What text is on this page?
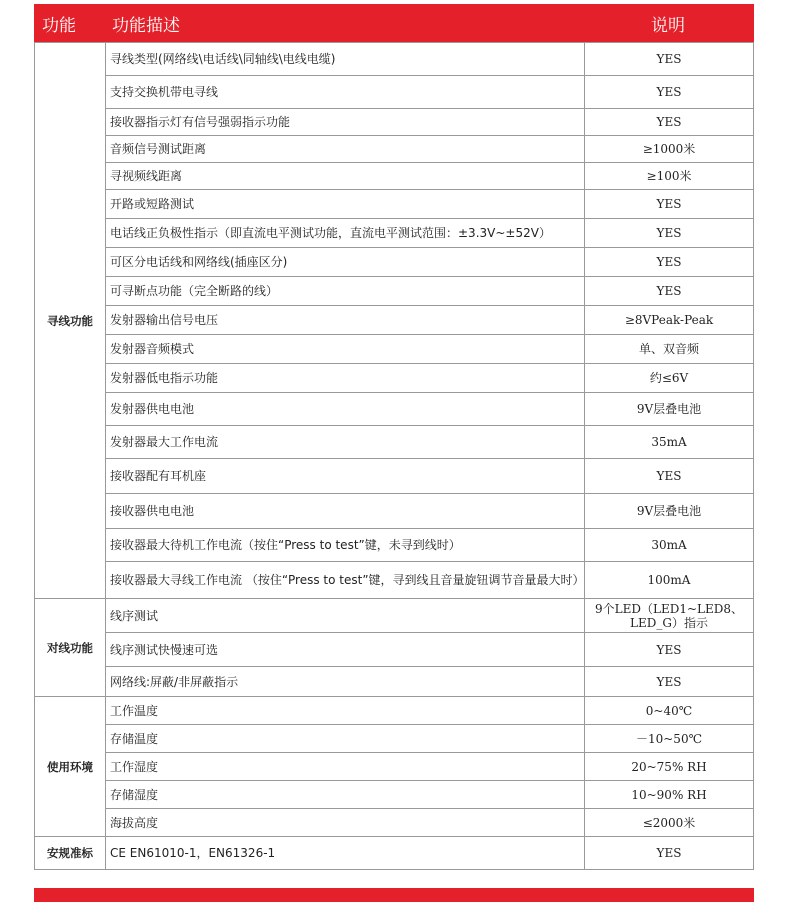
功能	功能描述	说明
寻线功能	寻线类型(网络线\电话线\同轴线\电线电缆)	YES
	支持交换机带电寻线	YES
	接收器指示灯有信号强弱指示功能	YES
	音频信号测试距离	≥1000米
	寻视频线距离	≥100米
	开路或短路测试	YES
	电话线正负极性指示（即直流电平测试功能，直流电平测试范围：±3.3V~±52V）	YES
	可区分电话线和网络线(插座区分)	YES
	可寻断点功能（完全断路的线）	YES
	发射器输出信号电压	≥8VPeak-Peak
	发射器音频模式	单、双音频
	发射器低电指示功能	约≤6V
	发射器供电电池	9V层叠电池
	发射器最大工作电流	35mA
	接收器配有耳机座	YES
	接收器供电电池	9V层叠电池
	接收器最大待机工作电流（按住“Press to test”键，未寻到线时）	30mA
	接收器最大寻线工作电流 （按住“Press to test”键，寻到线且音量旋钮调节音量最大时）	100mA
对线功能	线序测试	9个LED（LED1~LED8、LED_G）指示
	线序测试快慢速可选	YES
	网络线:屏蔽/非屏蔽指示	YES
使用环境	工作温度	0~40℃
	存储温度	－10~50℃
	工作湿度	20~75% RH
	存储湿度	10~90% RH
	海拔高度	≤2000米
安规准标	CE EN61010-1，EN61326-1	YES
